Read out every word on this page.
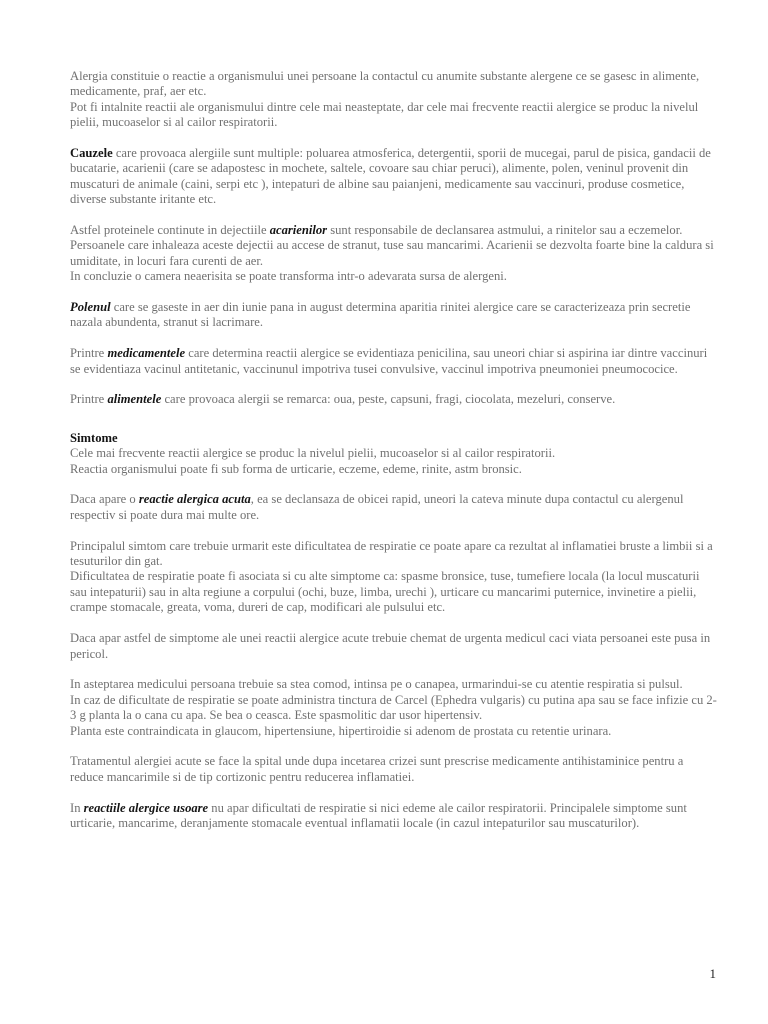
Alergia constituie o reactie a organismului unei persoane la contactul cu anumite substante alergene ce se gasesc in alimente, medicamente, praf, aer etc.

Pot fi intalnite reactii ale organismului dintre cele mai neasteptate, dar cele mai frecvente reactii alergice se produc la nivelul pielii, mucoaselor si al cailor respiratorii.

Cauzele care provoaca alergiile sunt multiple: poluarea atmosferica, detergentii, sporii de mucegai, parul de pisica, gandacii de bucatarie, acarienii (care se adapostesc in mochete, saltele, covoare sau chiar peruci), alimente, polen, veninul provenit din muscaturi de animale (caini, serpi etc ), intepaturi de albine sau paianjeni, medicamente sau vaccinuri, produse cosmetice, diverse substante iritante etc.

Astfel proteinele continute in dejectiile acarienilor sunt responsabile de declansarea astmului, a rinitelor sau a eczemelor. Persoanele care inhaleaza aceste dejectii au accese de stranut, tuse sau mancarimi. Acarienii se dezvolta foarte bine la caldura si umiditate, in locuri fara curenti de aer.

In concluzie o camera neaerisita se poate transforma intr-o adevarata sursa de alergeni.

Polenul care se gaseste in aer din iunie pana in august determina aparitia rinitei alergice care se caracterizeaza prin secretie nazala abundenta, stranut si lacrimare.

Printre medicamentele care determina reactii alergice se evidentiaza penicilina, sau uneori chiar si aspirina iar dintre vaccinuri se evidentiaza vacinul antitetanic, vaccinunul impotriva tusei convulsive, vaccinul impotriva pneumoniei pneumococice.

Printre alimentele care provoaca alergii se remarca: oua, peste, capsuni, fragi, ciocolata, mezeluri, conserve.

Simtome

Cele mai frecvente reactii alergice se produc la nivelul pielii, mucoaselor si al cailor respiratorii.

Reactia organismului poate fi sub forma de urticarie, eczeme, edeme, rinite, astm bronsic.

Daca apare o reactie alergica acuta, ea se declansaza de obicei rapid, uneori la cateva minute dupa contactul cu alergenul respectiv si poate dura mai multe ore.

Principalul simtom care trebuie urmarit este dificultatea de respiratie ce poate apare ca rezultat al inflamatiei bruste a limbii si a tesuturilor din gat.

Dificultatea de respiratie poate fi asociata si cu alte simptome ca: spasme bronsice, tuse, tumefiere locala (la locul muscaturii sau intepaturii) sau in alta regiune a corpului (ochi, buze, limba, urechi ), urticare cu mancarimi puternice, invinetire a pielii, crampe stomacale, greata, voma, dureri de cap, modificari ale pulsului etc.

Daca apar astfel de simptome ale unei reactii alergice acute trebuie chemat de urgenta medicul caci viata persoanei este pusa in pericol.

In asteptarea medicului persoana trebuie sa stea comod, intinsa pe o canapea, urmarindui-se cu atentie respiratia si pulsul.

In caz de dificultate de respiratie se poate administra tinctura de Carcel (Ephedra vulgaris) cu putina apa sau se face infizie cu 2-3 g planta la o cana cu apa. Se bea o ceasca. Este spasmolitic dar usor hipertensiv.

Planta este contraindicata in glaucom, hipertensiune, hipertiroidie si adenom de prostata cu retentie urinara.

Tratamentul alergiei acute se face la spital unde dupa incetarea crizei sunt prescrise medicamente antihistaminice pentru a reduce mancarimile si de tip cortizonic pentru reducerea inflamatiei.

In reactiile alergice usoare nu apar dificultati de respiratie si nici edeme ale cailor respiratorii. Principalele simptome sunt urticarie, mancarime, deranjamente stomacale eventual inflamatii locale (in cazul intepaturilor sau muscaturilor).

1
